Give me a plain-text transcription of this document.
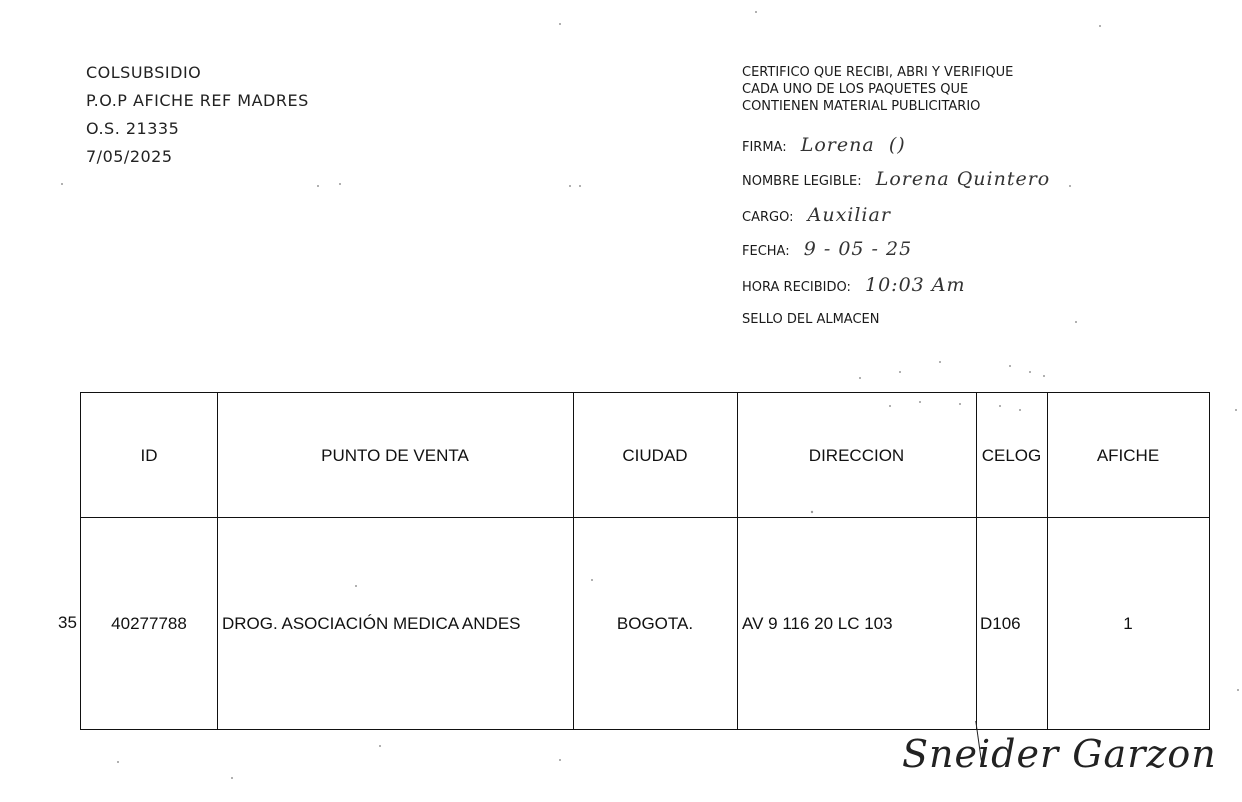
COLSUBSIDIO
P.O.P AFICHE REF MADRES
O.S. 21335
7/05/2025
CERTIFICO QUE RECIBI, ABRI Y VERIFIQUE
CADA UNO DE LOS PAQUETES QUE
CONTIENEN MATERIAL PUBLICITARIO
FIRMA: Lorena ()
NOMBRE LEGIBLE: Lorena Quintero
CARGO: Auxiliar
FECHA: 9 - 05 - 25
HORA RECIBIDO: 10:03 Am
SELLO DEL ALMACEN
35
ID	PUNTO DE VENTA	CIUDAD	DIRECCION	CELOG	AFICHE
40277788	DROG. ASOCIACIÓN MEDICA ANDES	BOGOTA.	AV 9 116 20 LC 103	D106	1
Sneider Garzon
